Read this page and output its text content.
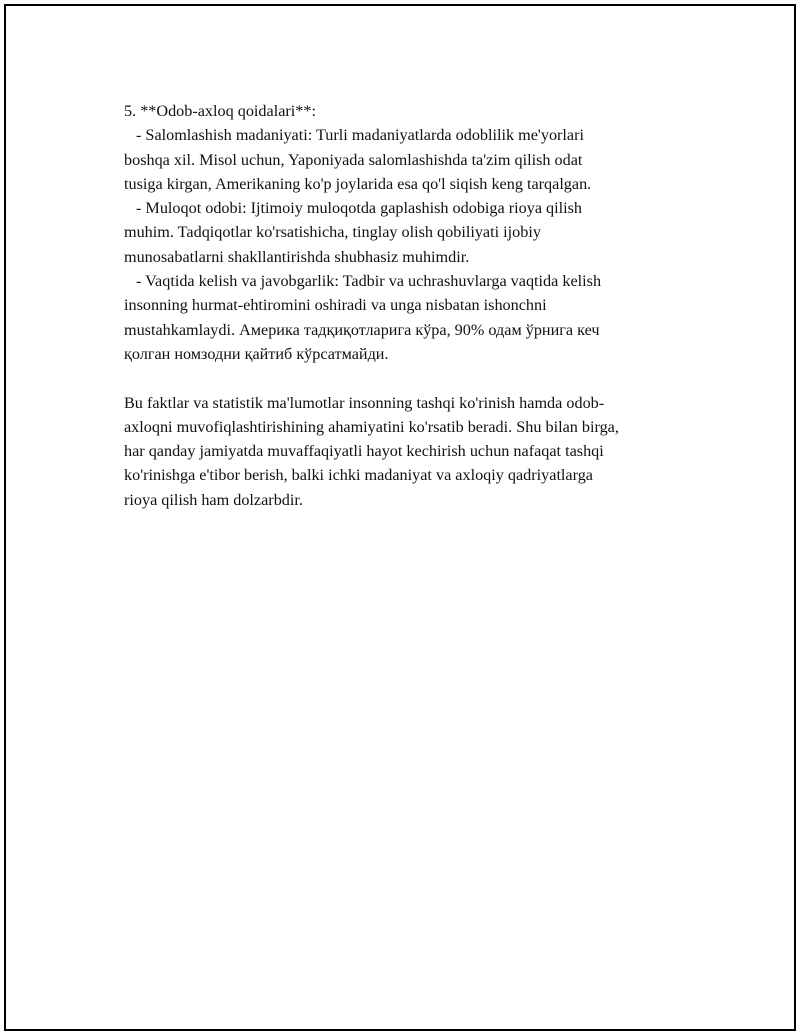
5. **Odob-axloq qoidalari**:
- Salomlashish madaniyati: Turli madaniyatlarda odoblilik me'yorlari
boshqa xil. Misol uchun, Yaponiyada salomlashishda ta'zim qilish odat
tusiga kirgan, Amerikaning ko'p joylarida esa qo'l siqish keng tarqalgan.
- Muloqot odobi: Ijtimoiy muloqotda gaplashish odobiga rioya qilish
muhim. Tadqiqotlar ko'rsatishicha, tinglay olish qobiliyati ijobiy
munosabatlarni shakllantirishda shubhasiz muhimdir.
- Vaqtida kelish va javobgarlik: Tadbir va uchrashuvlarga vaqtida kelish
insonning hurmat-ehtiromini oshiradi va unga nisbatan ishonchni
mustahkamlaydi. Америка тадқиқотларига кўра, 90% одам ўрнига кеч
қолган номзодни қайтиб кўрсатмайди.
Bu faktlar va statistik ma'lumotlar insonning tashqi ko'rinish hamda odob-
axloqni muvofiqlashtirishining ahamiyatini ko'rsatib beradi. Shu bilan birga,
har qanday jamiyatda muvaffaqiyatli hayot kechirish uchun nafaqat tashqi
ko'rinishga e'tibor berish, balki ichki madaniyat va axloqiy qadriyatlarga
rioya qilish ham dolzarbdir.
